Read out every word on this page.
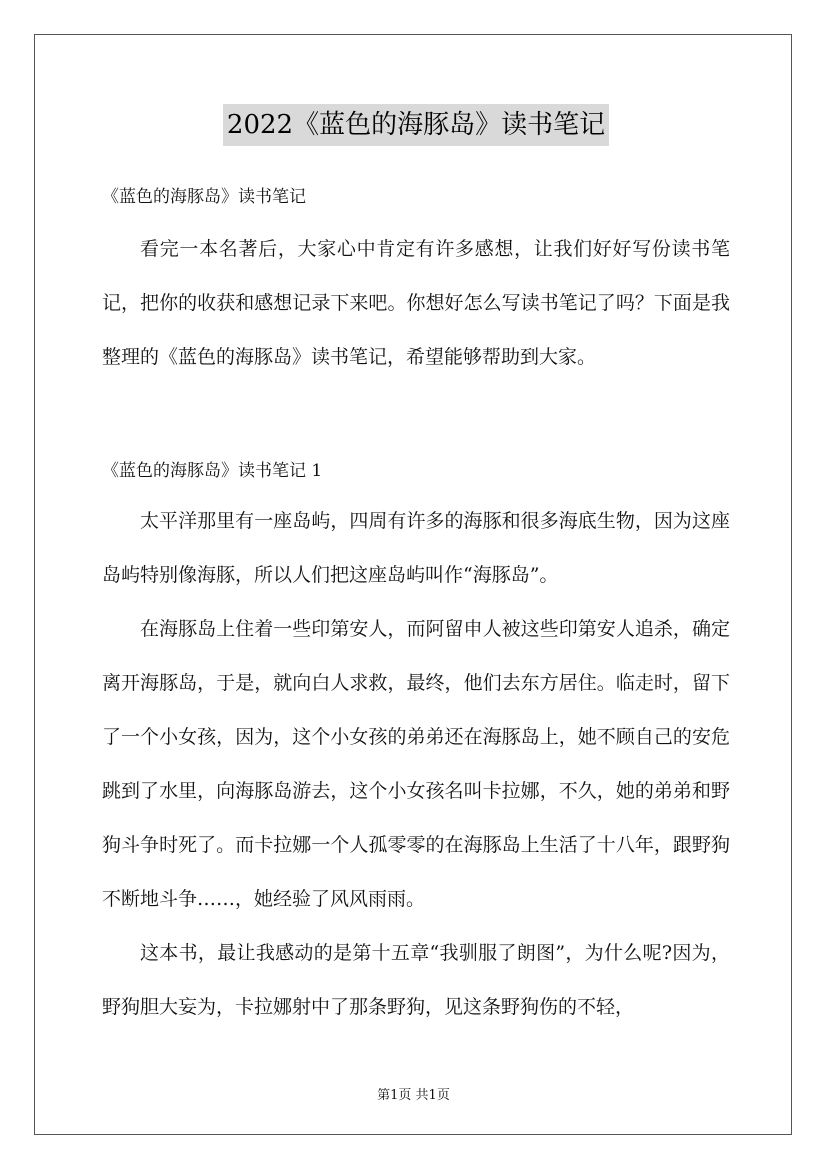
2022《蓝色的海豚岛》读书笔记

《蓝色的海豚岛》读书笔记

看完一本名著后，大家心中肯定有许多感想，让我们好好写份读书笔记，把你的收获和感想记录下来吧。你想好怎么写读书笔记了吗？下面是我整理的《蓝色的海豚岛》读书笔记，希望能够帮助到大家。

《蓝色的海豚岛》读书笔记 1

太平洋那里有一座岛屿，四周有许多的海豚和很多海底生物，因为这座岛屿特别像海豚，所以人们把这座岛屿叫作“海豚岛”。

在海豚岛上住着一些印第安人，而阿留申人被这些印第安人追杀，确定离开海豚岛，于是，就向白人求救，最终，他们去东方居住。临走时，留下了一个小女孩，因为，这个小女孩的弟弟还在海豚岛上，她不顾自己的安危跳到了水里，向海豚岛游去，这个小女孩名叫卡拉娜，不久，她的弟弟和野狗斗争时死了。而卡拉娜一个人孤零零的在海豚岛上生活了十八年，跟野狗不断地斗争……，她经验了风风雨雨。

这本书，最让我感动的是第十五章“我驯服了朗图”，为什么呢?因为，野狗胆大妄为，卡拉娜射中了那条野狗，见这条野狗伤的不轻，

第1页 共1页
